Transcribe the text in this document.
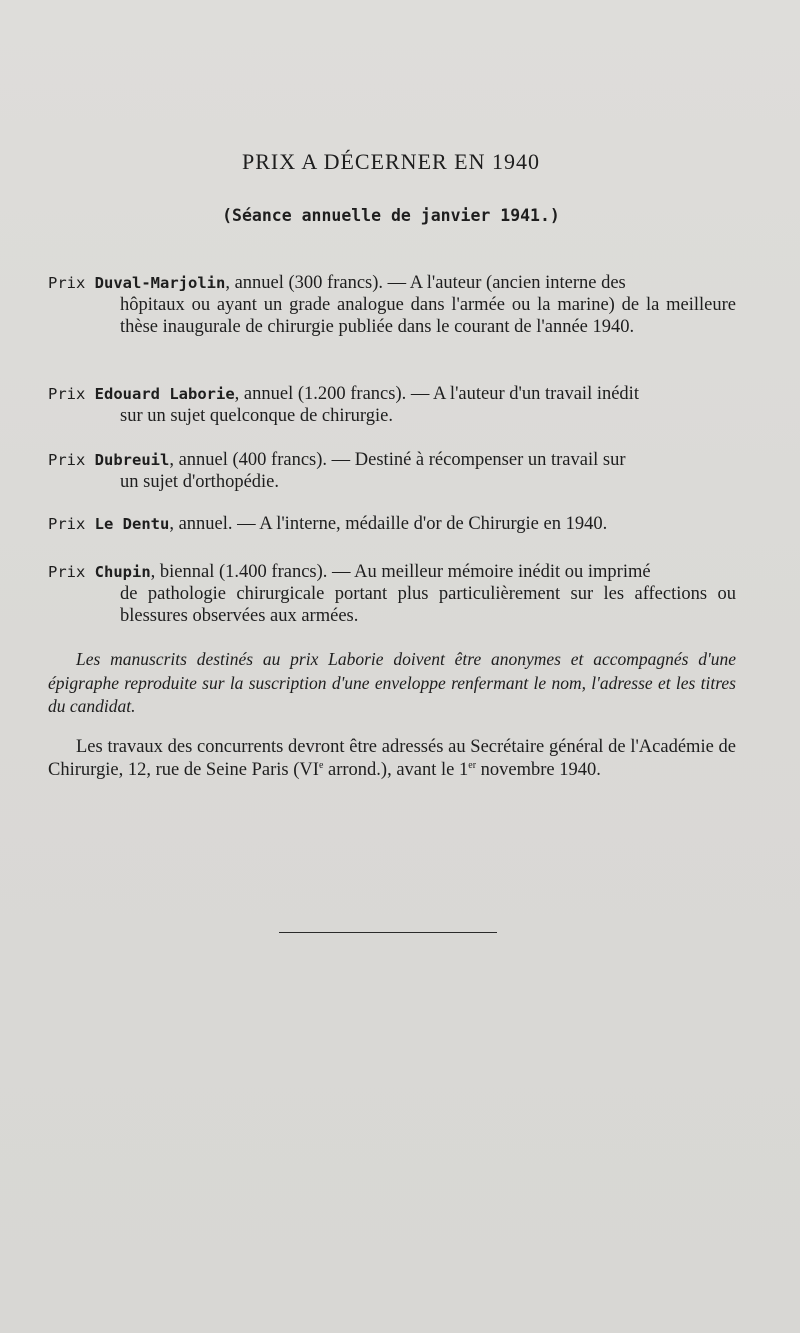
PRIX A DÉCERNER EN 1940
(Séance annuelle de janvier 1941.)
Prix Duval-Marjolin, annuel (300 francs). — A l'auteur (ancien interne des
hôpitaux ou ayant un grade analogue dans l'armée ou la marine) de la meilleure thèse inaugurale de chirurgie publiée dans le courant de l'année 1940.
Prix Edouard Laborie, annuel (1.200 francs). — A l'auteur d'un travail inédit
sur un sujet quelconque de chirurgie.
Prix Dubreuil, annuel (400 francs). — Destiné à récompenser un travail sur
un sujet d'orthopédie.
Prix Le Dentu, annuel. — A l'interne, médaille d'or de Chirurgie en 1940.
Prix Chupin, biennal (1.400 francs). — Au meilleur mémoire inédit ou imprimé
de pathologie chirurgicale portant plus particulièrement sur les affections ou blessures observées aux armées.
Les manuscrits destinés au prix Laborie doivent être anonymes et accompagnés d'une épigraphe reproduite sur la suscription d'une enveloppe renfermant le nom, l'adresse et les titres du candidat.
Les travaux des concurrents devront être adressés au Secrétaire général de l'Académie de Chirurgie, 12, rue de Seine Paris (VIe arrond.), avant le 1er novembre 1940.
